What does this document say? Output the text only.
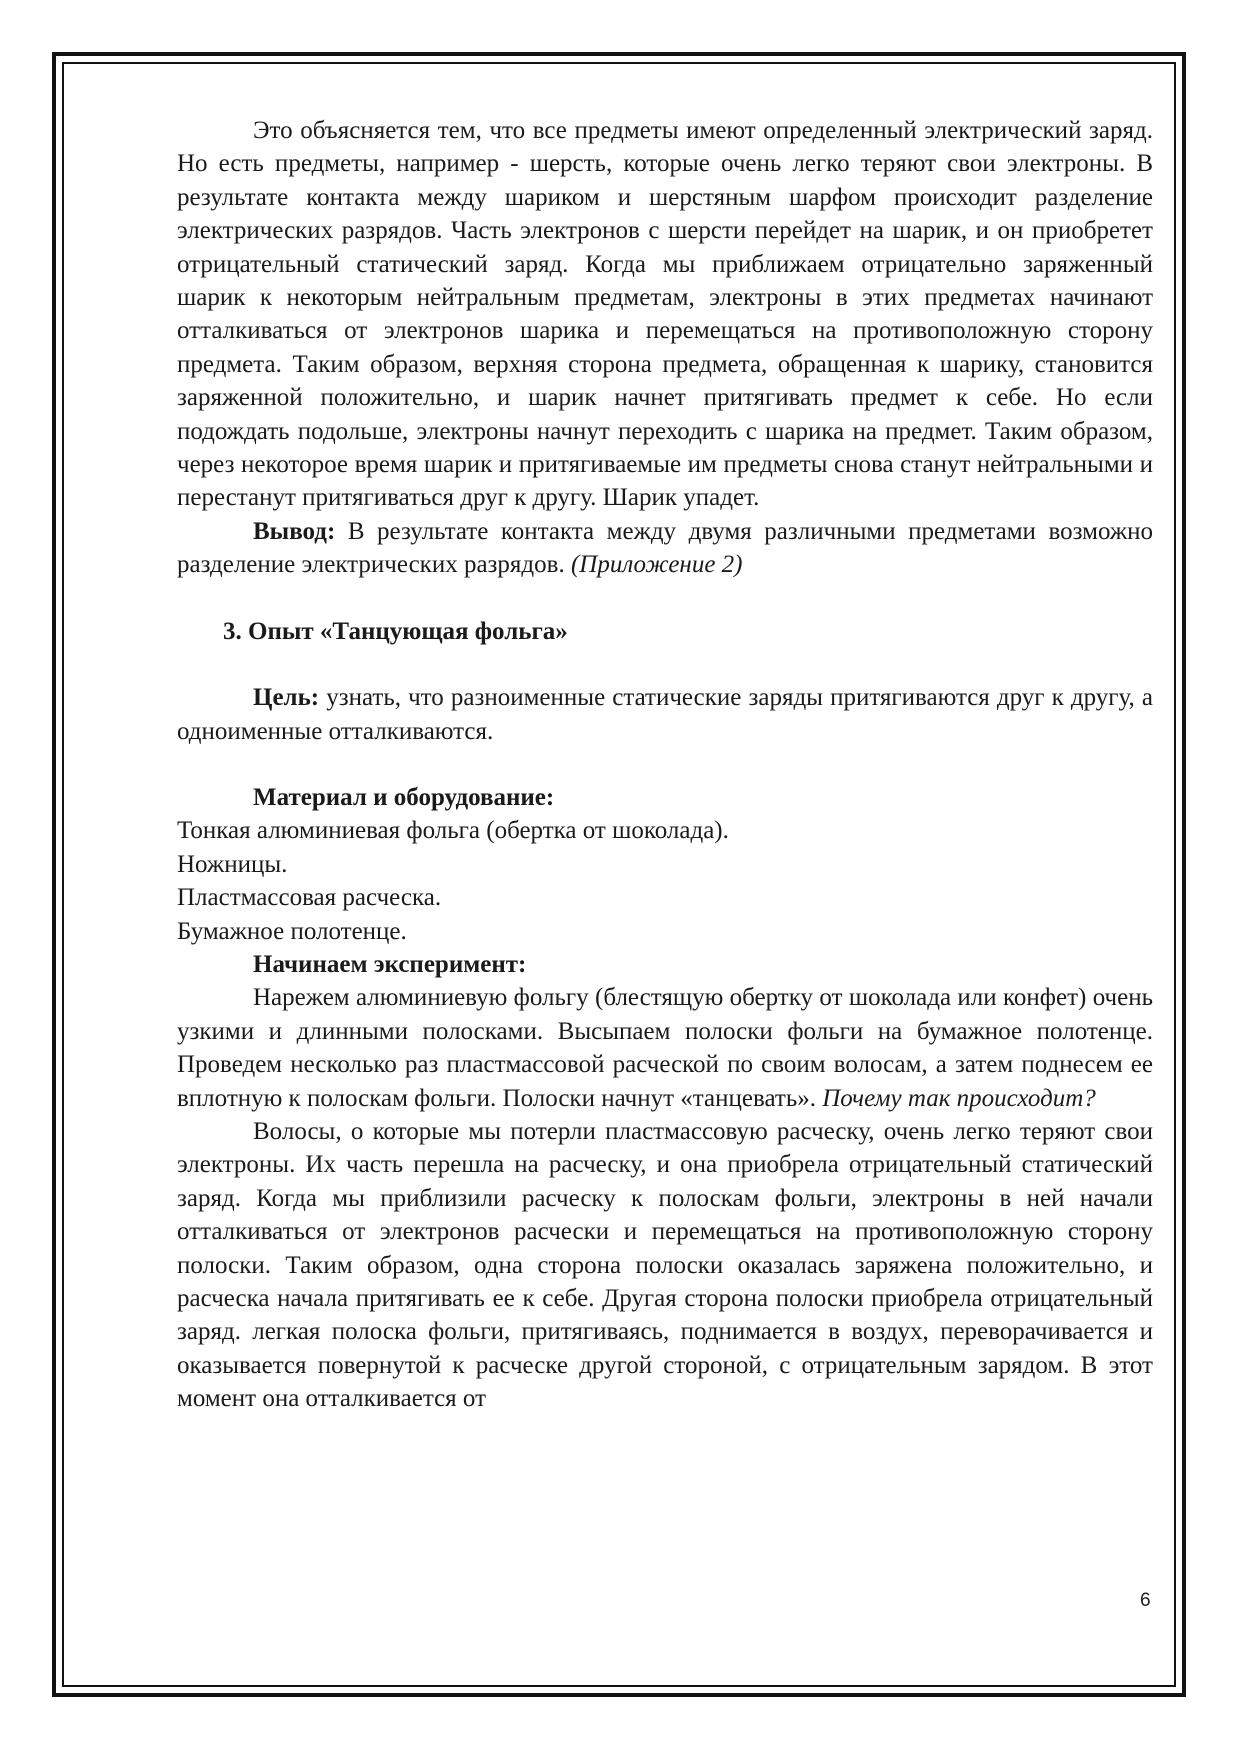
Это объясняется тем, что все предметы имеют определенный электрический заряд. Но есть предметы, например - шерсть, которые очень легко теряют свои электроны. В результате контакта между шариком и шерстяным шарфом происходит разделение электрических разрядов. Часть электронов с шерсти перейдет на шарик, и он приобретет отрицательный статический заряд. Когда мы приближаем отрицательно заряженный шарик к некоторым нейтральным предметам, электроны в этих предметах начинают отталкиваться от электронов шарика и перемещаться на противоположную сторону предмета. Таким образом, верхняя сторона предмета, обращенная к шарику, становится заряженной положительно, и шарик начнет притягивать предмет к себе. Но если подождать подольше, электроны начнут переходить с шарика на предмет. Таким образом, через некоторое время шарик и притягиваемые им предметы снова станут нейтральными и перестанут притягиваться друг к другу. Шарик упадет.

Вывод: В результате контакта между двумя различными предметами возможно разделение электрических разрядов. (Приложение 2)

3. Опыт «Танцующая фольга»

Цель: узнать, что разноименные статические заряды притягиваются друг к другу, а одноименные отталкиваются.

Материал и оборудование:

Тонкая алюминиевая фольга (обертка от шоколада).

Ножницы.

Пластмассовая расческа.

Бумажное полотенце.

Начинаем эксперимент:

Нарежем алюминиевую фольгу (блестящую обертку от шоколада или конфет) очень узкими и длинными полосками. Высыпаем полоски фольги на бумажное полотенце. Проведем несколько раз пластмассовой расческой по своим волосам, а затем поднесем ее вплотную к полоскам фольги. Полоски начнут «танцевать». Почему так происходит?

Волосы, о которые мы потерли пластмассовую расческу, очень легко теряют свои электроны. Их часть перешла на расческу, и она приобрела отрицательный статический заряд. Когда мы приблизили расческу к полоскам фольги, электроны в ней начали отталкиваться от электронов расчески и перемещаться на противоположную сторону полоски. Таким образом, одна сторона полоски оказалась заряжена положительно, и расческа начала притягивать ее к себе. Другая сторона полоски приобрела отрицательный заряд. легкая полоска фольги, притягиваясь, поднимается в воздух, переворачивается и оказывается повернутой к расческе другой стороной, с отрицательным зарядом. В этот момент она отталкивается от

6
